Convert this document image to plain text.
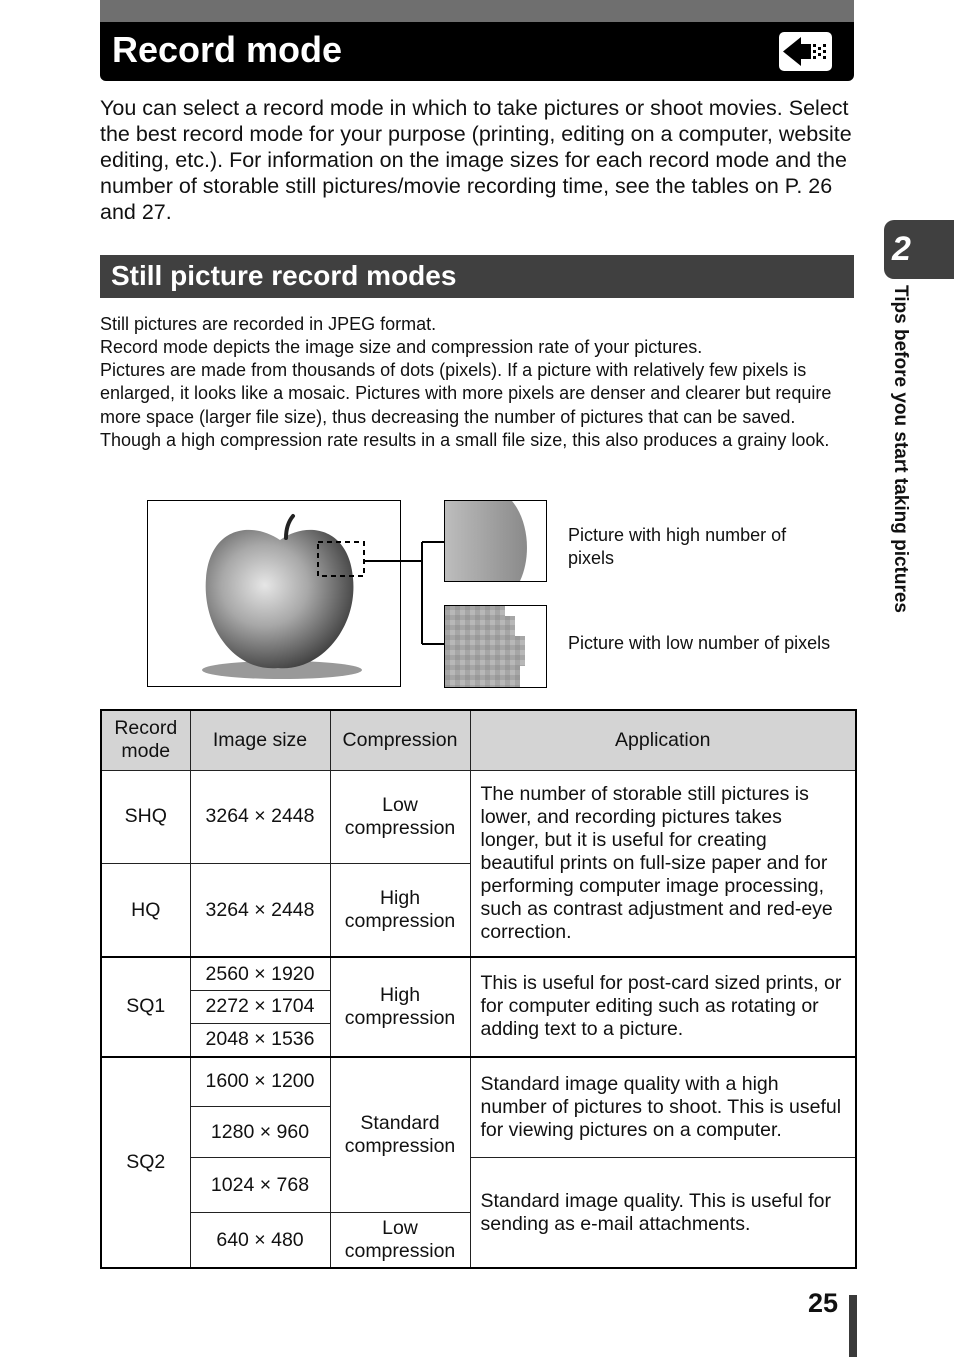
Record mode

You can select a record mode in which to take pictures or shoot movies. Select the best record mode for your purpose (printing, editing on a computer, website editing, etc.). For information on the image sizes for each record mode and the number of storable still pictures/movie recording time, see the tables on P. 26 and 27.

Still picture record modes

Still pictures are recorded in JPEG format.

Record mode depicts the image size and compression rate of your pictures.

Pictures are made from thousands of dots (pixels). If a picture with relatively few pixels is enlarged, it looks like a mosaic. Pictures with more pixels are denser and clearer but require more space (larger file size), thus decreasing the number of pictures that can be saved. Though a high compression rate results in a small file size, this also produces a grainy look.

Picture with high number of pixels
Picture with low number of pixels
2
Tips before you start taking pictures
Record mode	Image size	Compression	Application
SHQ	3264 × 2448	Low compression	The number of storable still pictures is lower, and recording pictures takes longer, but it is useful for creating beautiful prints on full-size paper and for performing computer image processing, such as contrast adjustment and red-eye correction.
HQ	3264 × 2448	High compression	
SQ1	2560 × 1920	High compression	This is useful for post-card sized prints, or for computer editing such as rotating or adding text to a picture.
	2272 × 1704		
	2048 × 1536		
SQ2	1600 × 1200	Standard compression	Standard image quality with a high number of pictures to shoot. This is useful for viewing pictures on a computer.
	1280 × 960		
	1024 × 768		Standard image quality. This is useful for sending as e-mail attachments.
	640 × 480	Low compression	
25
